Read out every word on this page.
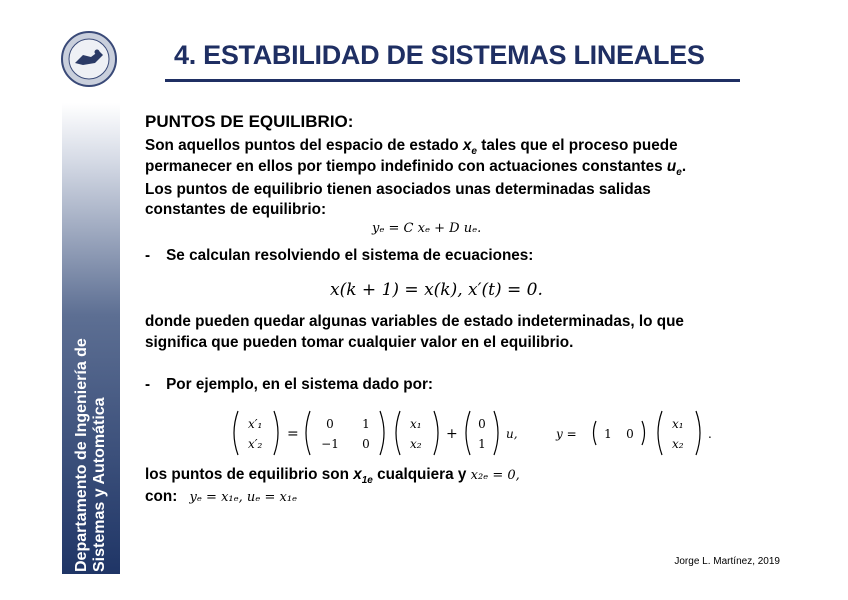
Departamento de Ingeniería de Sistemas y Automática
4. ESTABILIDAD DE SISTEMAS LINEALES
PUNTOS DE EQUILIBRIO:
Son aquellos puntos del espacio de estado $x_e$ tales que el proceso puede
permanecer en ellos por tiempo indefinido con actuaciones constantes $u_e$.
Los puntos de equilibrio tienen asociados unas determinadas salidas
constantes de equilibrio:
yₑ = C xₑ + D uₑ.
- Se calculan resolviendo el sistema de ecuaciones:
x(k + 1) = x(k), x′(t) = 0.
donde pueden quedar algunas variables de estado indeterminadas, lo que
significa que pueden tomar cualquier valor en el equilibrio.
- Por ejemplo, en el sistema dado por:
x′₁
x′₂
=
0 1
−1 0
x₁
x₂
+
0
1
u,	y = 1 0
x₁
x₂
.
los puntos de equilibrio son $x_{1e}$ cualquiera y x₂ₑ = 0,
con: yₑ = x₁ₑ, uₑ = x₁ₑ
Jorge L. Martínez, 2019
